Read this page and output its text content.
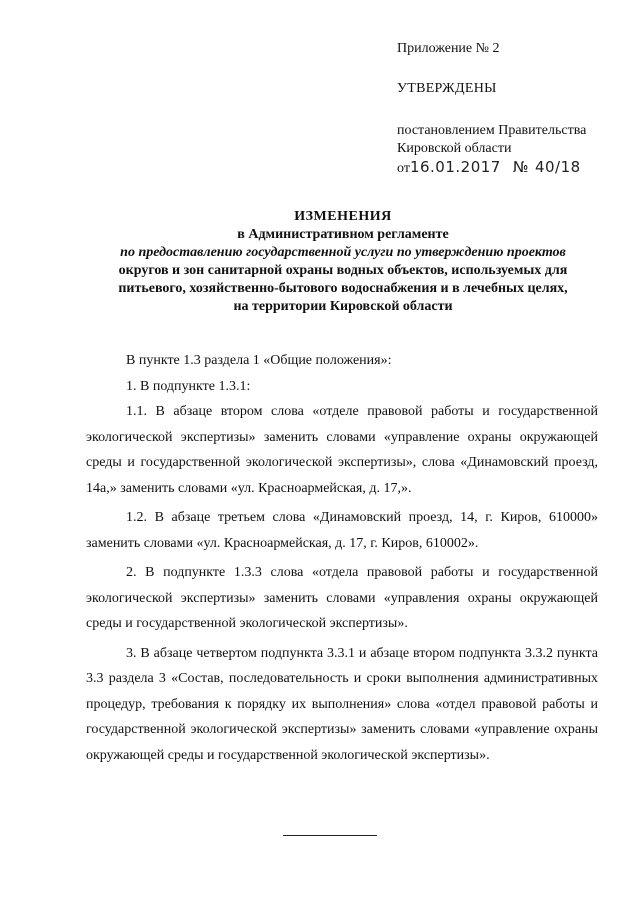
Приложение № 2

УТВЕРЖДЕНЫ

постановлением Правительства

Кировской области

от 16.01.2017 № 40/18

ИЗМЕНЕНИЯ

в Административном регламенте

по предоставлению государственной услуги по утверждению проектов

округов и зон санитарной охраны водных объектов, используемых для

питьевого, хозяйственно-бытового водоснабжения и в лечебных целях,

на территории Кировской области

В пункте 1.3 раздела 1 «Общие положения»:

1. В подпункте 1.3.1:

1.1. В абзаце втором слова «отделе правовой работы и государственной экологической экспертизы» заменить словами «управление охраны окружающей среды и государственной экологической экспертизы», слова «Динамовский проезд, 14а,» заменить словами «ул. Красноармейская, д. 17,».

1.2. В абзаце третьем слова «Динамовский проезд, 14, г. Киров, 610000» заменить словами «ул. Красноармейская, д. 17, г. Киров, 610002».

2. В подпункте 1.3.3 слова «отдела правовой работы и государственной экологической экспертизы» заменить словами «управления охраны окружающей среды и государственной экологической экспертизы».

3. В абзаце четвертом подпункта 3.3.1 и абзаце втором подпункта 3.3.2 пункта 3.3 раздела 3 «Состав, последовательность и сроки выполнения административных процедур, требования к порядку их выполнения» слова «отдел правовой работы и государственной экологической экспертизы» заменить словами «управление охраны окружающей среды и государственной экологической экспертизы».
